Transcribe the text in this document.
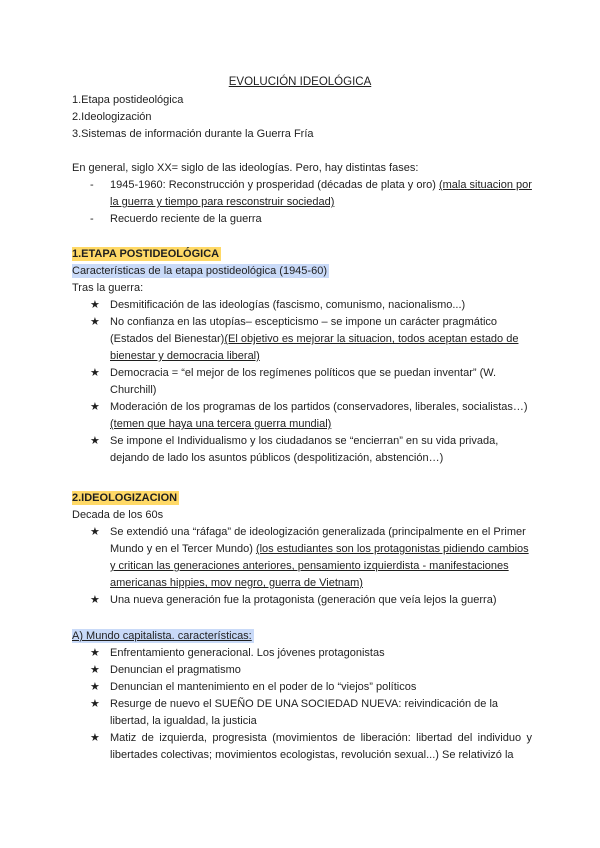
EVOLUCIÓN IDEOLÓGICA
1.Etapa postideológica
2.Ideologización
3.Sistemas de información durante la Guerra Fría
En general, siglo XX= siglo de las ideologías. Pero, hay distintas fases:
- 1945-1960: Reconstrucción y prosperidad (décadas de plata y oro) (mala situacion por la guerra y tiempo para resconstruir sociedad)
- Recuerdo reciente de la guerra
1.ETAPA POSTIDEOLÓGICA
Características de la etapa postideológica (1945-60)
Tras la guerra:
★ Desmitificación de las ideologías (fascismo, comunismo, nacionalismo...)
★ No confianza en las utopías– escepticismo – se impone un carácter pragmático (Estados del Bienestar)(El objetivo es mejorar la situacion, todos aceptan estado de bienestar y democracia liberal)
★ Democracia = “el mejor de los regímenes políticos que se puedan inventar” (W. Churchill)
★ Moderación de los programas de los partidos (conservadores, liberales, socialistas…) (temen que haya una tercera guerra mundial)
★ Se impone el Individualismo y los ciudadanos se “encierran” en su vida privada, dejando de lado los asuntos públicos (despolitización, abstención…)
2.IDEOLOGIZACION
Decada de los 60s
★ Se extendió una “ráfaga” de ideologización generalizada (principalmente en el Primer Mundo y en el Tercer Mundo) (los estudiantes son los protagonistas pidiendo cambios y critican las generaciones anteriores, pensamiento izquierdista - manifestaciones americanas hippies, mov negro, guerra de Vietnam)
★ Una nueva generación fue la protagonista (generación que veía lejos la guerra)
A) Mundo capitalista. características:
★ Enfrentamiento generacional. Los jóvenes protagonistas
★ Denuncian el pragmatismo
★ Denuncian el mantenimiento en el poder de lo “viejos” políticos
★ Resurge de nuevo el SUEÑO DE UNA SOCIEDAD NUEVA: reivindicación de la libertad, la igualdad, la justicia
★ Matiz de izquierda, progresista (movimientos de liberación: libertad del individuo y libertades colectivas; movimientos ecologistas, revolución sexual...) Se relativizó la
